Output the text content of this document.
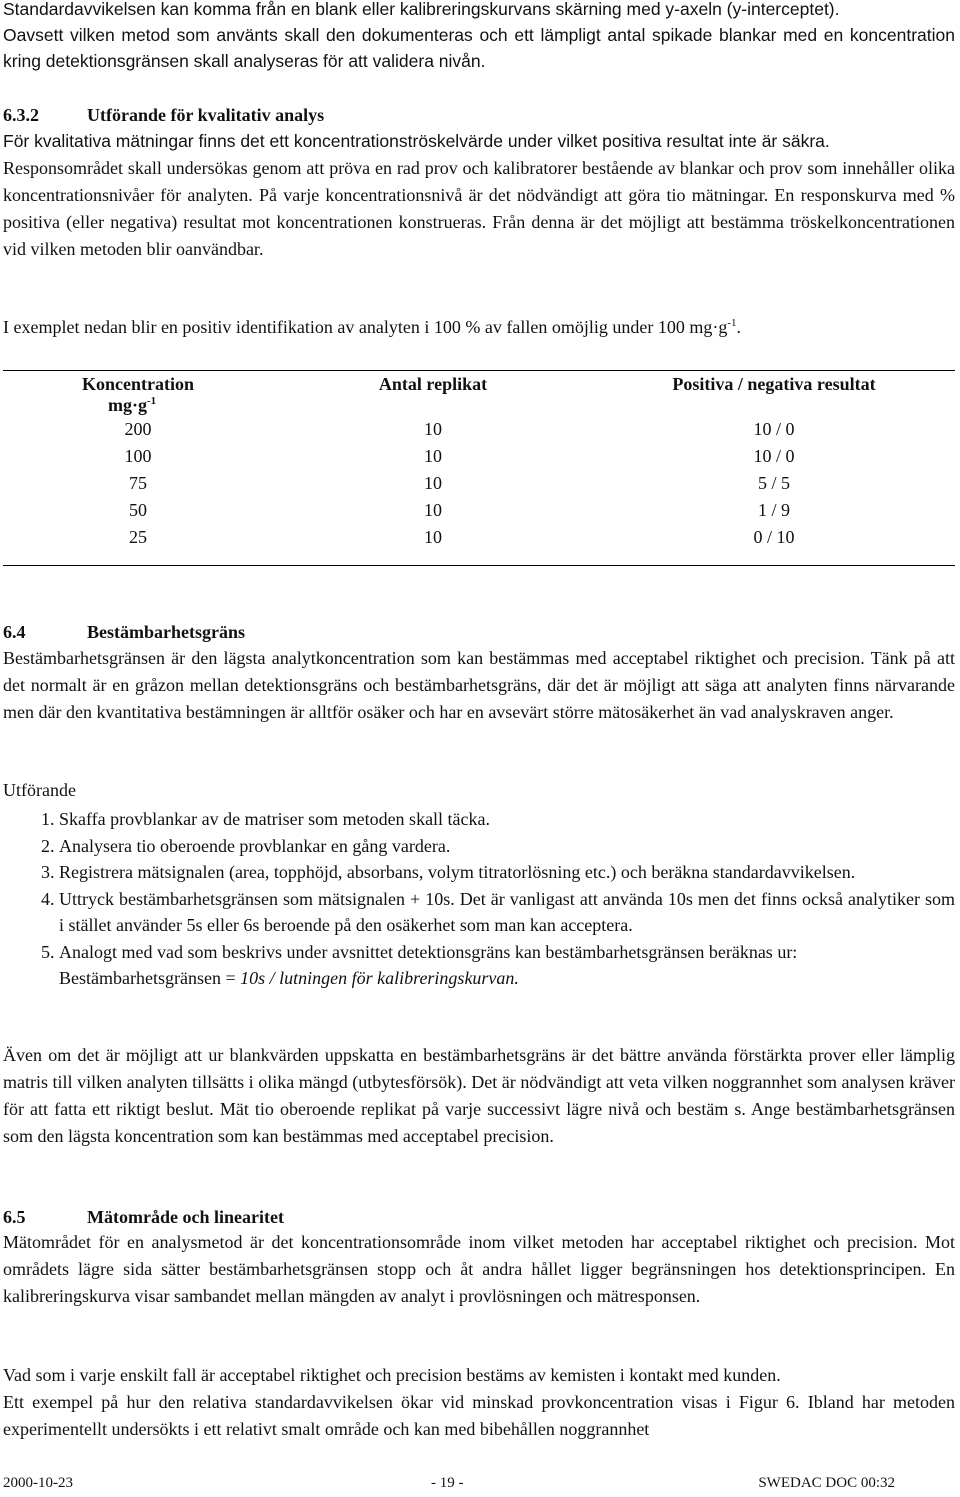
Standardavvikelsen kan komma från en blank eller kalibreringskurvans skärning med y-axeln (y-interceptet).

Oavsett vilken metod som använts skall den dokumenteras och ett lämpligt antal spikade blankar med en koncentration kring detektionsgränsen skall analyseras för att validera nivån.

6.3.2	Utförande för kvalitativ analys

För kvalitativa mätningar finns det ett koncentrationströskelvärde under vilket positiva resultat inte är säkra.

Responsområdet skall undersökas genom att pröva en rad prov och kalibratorer bestående av blankar och prov som innehåller olika koncentrationsnivåer för analyten. På varje koncentrationsnivå är det nödvändigt att göra tio mätningar. En responskurva med % positiva (eller negativa) resultat mot koncentrationen konstrueras. Från denna är det möjligt att bestämma tröskelkoncentrationen vid vilken metoden blir oanvändbar.

I exemplet nedan blir en positiv identifikation av analyten i 100 % av fallen omöjlig under 100 $mg\cdot g^{-1}$.

Koncentration
$mg\cdot g^{-1}$	Antal replikat	Positiva / negativa resultat
200	10	10 / 0
100	10	10 / 0
75	10	5 / 5
50	10	1 / 9
25	10	0 / 10

6.4	Bestämbarhetsgräns

Bestämbarhetsgränsen är den lägsta analytkoncentration som kan bestämmas med acceptabel riktighet och precision. Tänk på att det normalt är en gråzon mellan detektionsgräns och bestämbarhetsgräns, där det är möjligt att säga att analyten finns närvarande men där den kvantitativa bestämningen är alltför osäker och har en avsevärt större mätosäkerhet än vad analyskraven anger.

Utförande

1. Skaffa provblankar av de matriser som metoden skall täcka.
2. Analysera tio oberoende provblankar en gång vardera.
3. Registrera mätsignalen (area, topphöjd, absorbans, volym titratorlösning etc.) och beräkna standardavvikelsen.
4. Uttryck bestämbarhetsgränsen som mätsignalen + 10s. Det är vanligast att använda 10s men det finns också analytiker som i stället använder 5s eller 6s beroende på den osäkerhet som man kan acceptera.
5. Analogt med vad som beskrivs under avsnittet detektionsgräns kan bestämbarhetsgränsen beräknas ur:

Bestämbarhetsgränsen = 10s / lutningen för kalibreringskurvan.

Även om det är möjligt att ur blankvärden uppskatta en bestämbarhetsgräns är det bättre använda förstärkta prover eller lämplig matris till vilken analyten tillsätts i olika mängd (utbytesförsök). Det är nödvändigt att veta vilken noggrannhet som analysen kräver för att fatta ett riktigt beslut. Mät tio oberoende replikat på varje successivt lägre nivå och bestäm s. Ange bestämbarhetsgränsen som den lägsta koncentration som kan bestämmas med acceptabel precision.

6.5	Mätområde och linearitet

Mätområdet för en analysmetod är det koncentrationsområde inom vilket metoden har acceptabel riktighet och precision. Mot områdets lägre sida sätter bestämbarhetsgränsen stopp och åt andra hållet ligger begränsningen hos detektionsprincipen. En kalibreringskurva visar sambandet mellan mängden av analyt i provlösningen och mätresponsen.

Vad som i varje enskilt fall är acceptabel riktighet och precision bestäms av kemisten i kontakt med kunden.

Ett exempel på hur den relativa standardavvikelsen ökar vid minskad provkoncentration visas i Figur 6. Ibland har metoden experimentellt undersökts i ett relativt smalt område och kan med bibehållen noggrannhet

2000-10-23	- 19 -	SWEDAC DOC 00:32
